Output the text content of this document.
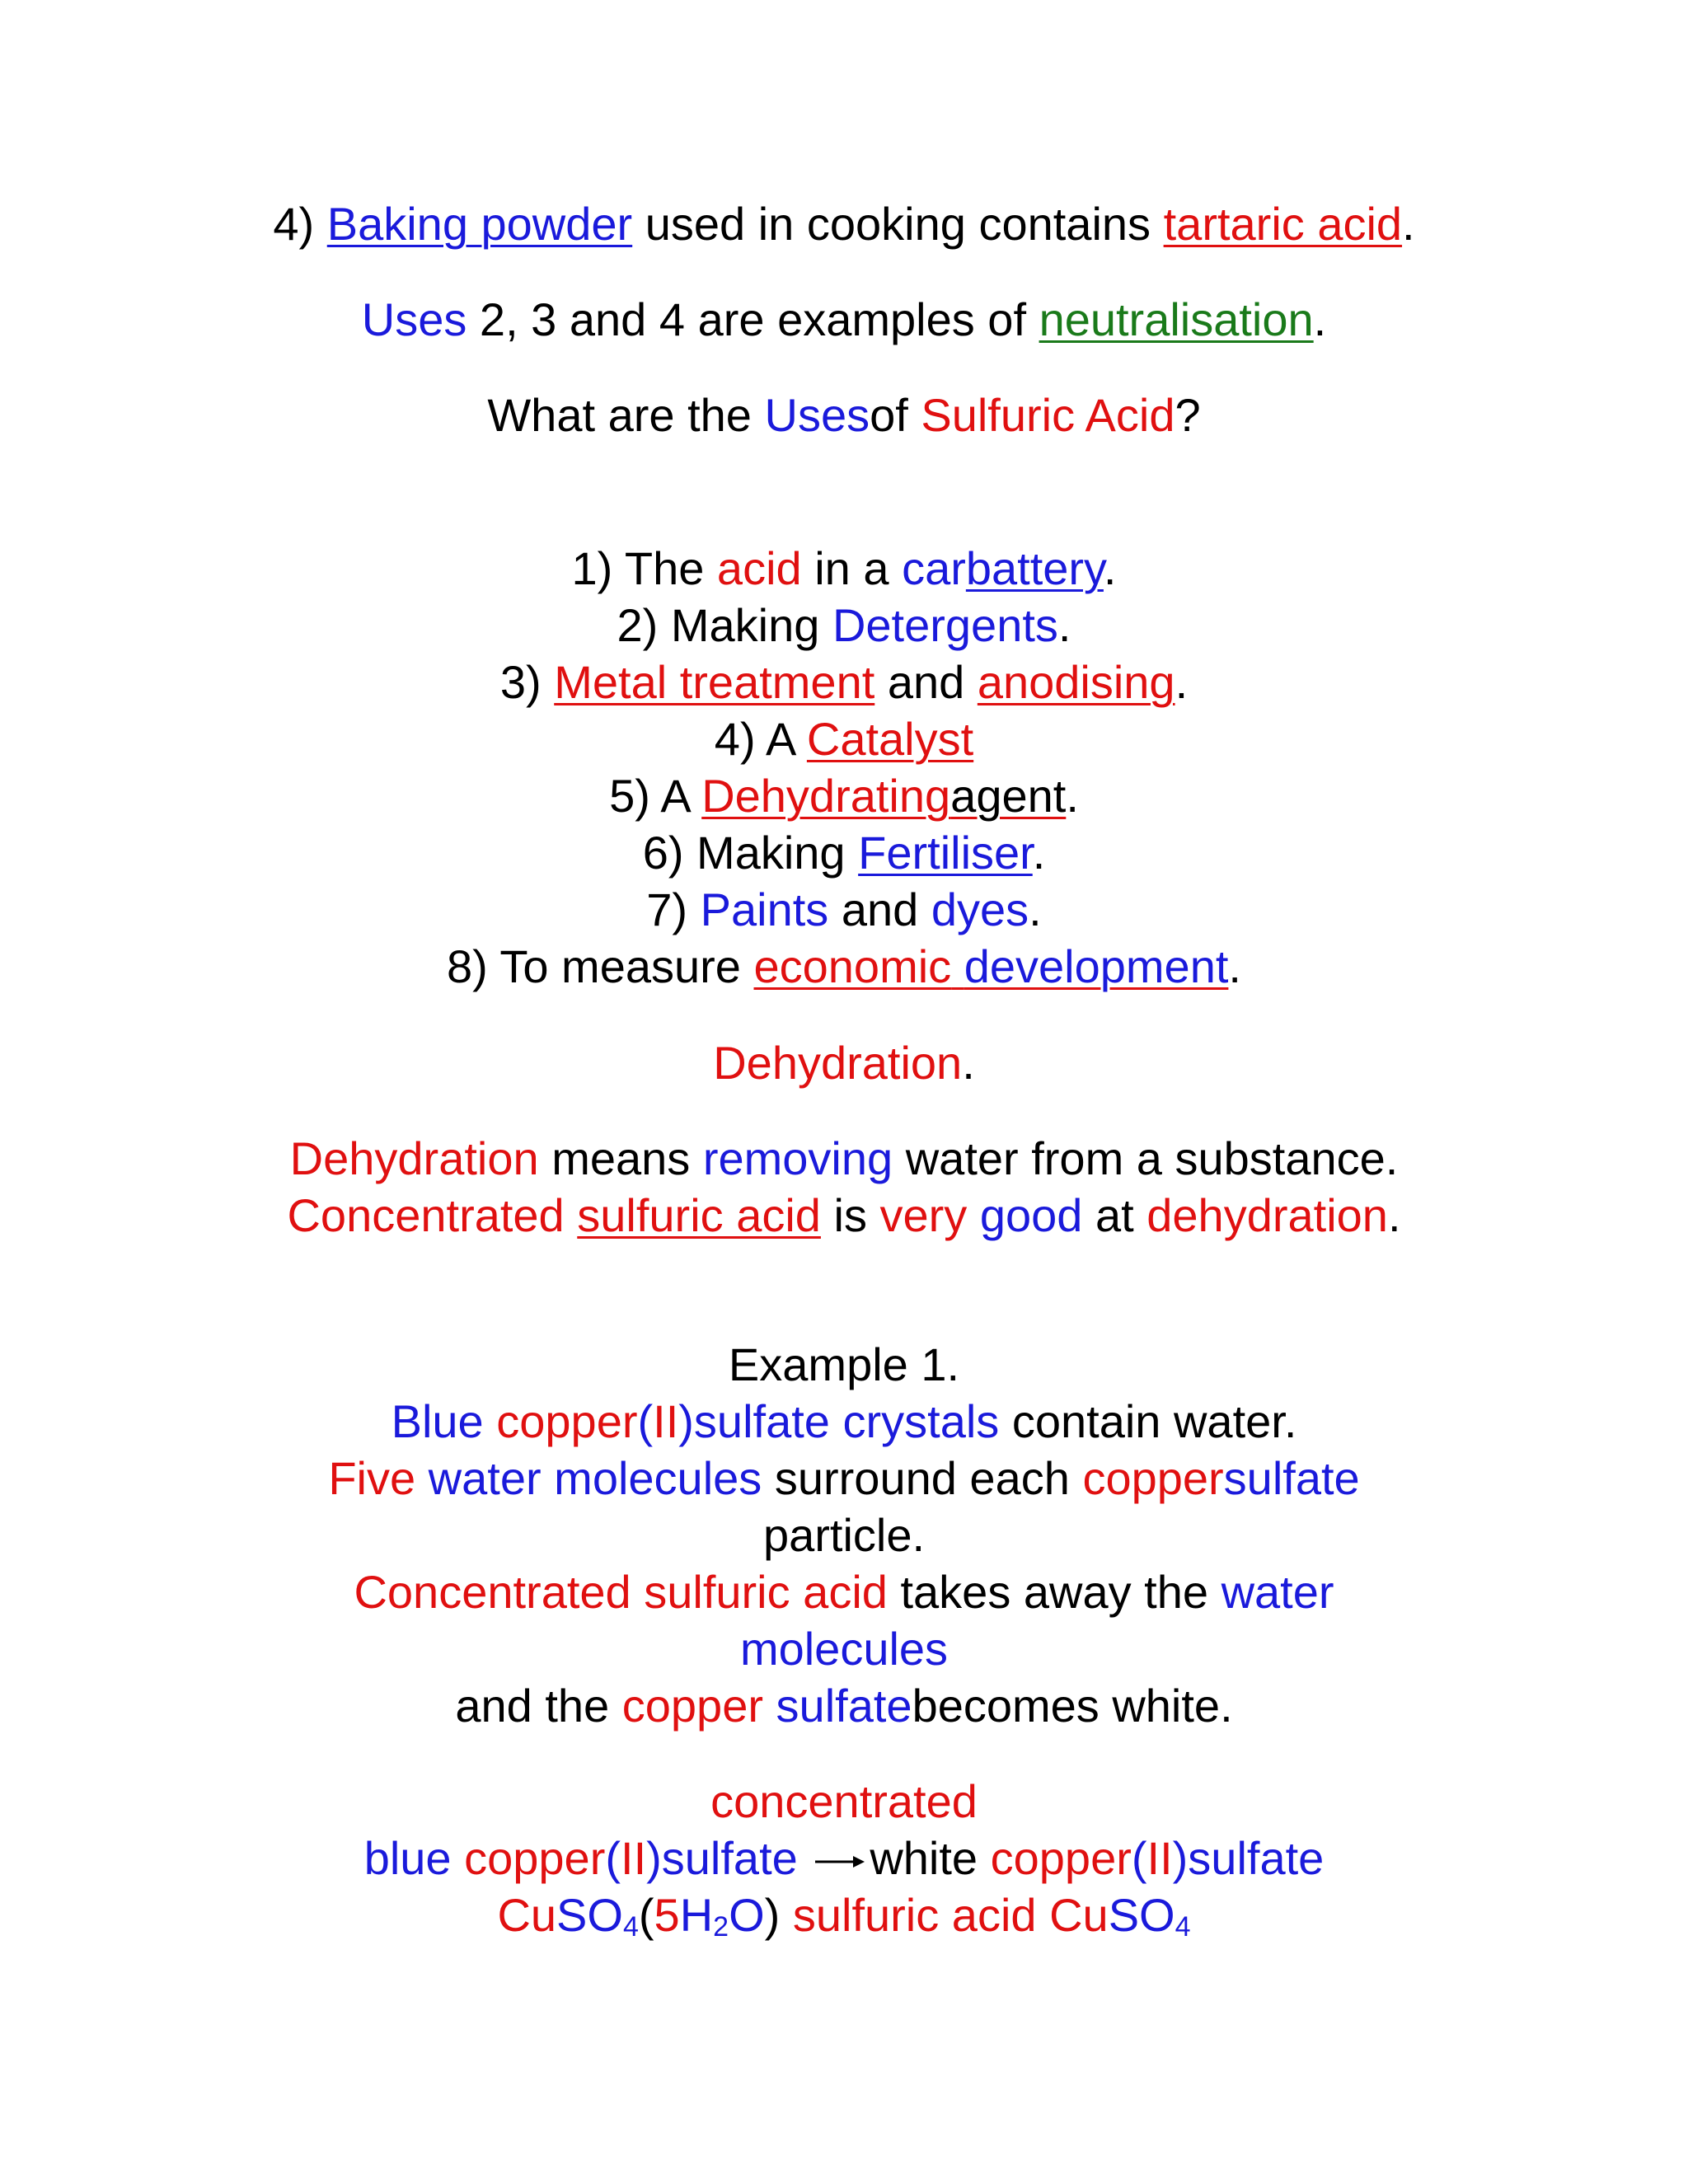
4) Baking powder used in cooking contains tartaric acid.
Uses 2, 3 and 4 are examples of neutralisation.
What are the Usesof Sulfuric Acid?
1) The acid in a carbattery.
2) Making Detergents.
3) Metal treatment and anodising.
4) A Catalyst
5) A Dehydratingagent.
6) Making Fertiliser.
7) Paints and dyes.
8) To measure economic development.
Dehydration.
Dehydration means removing water from a substance.
Concentrated sulfuric acid is very good at dehydration.
Example 1.
Blue copper(II)sulfate crystals contain water.
Five water molecules surround each coppersulfate
particle.
Concentrated sulfuric acid takes away the water
molecules
and the copper sulfatebecomes white.
concentrated
blue copper(II)sulfate → white copper(II)sulfate
CuSO4(5H2O) sulfuric acid CuSO4
